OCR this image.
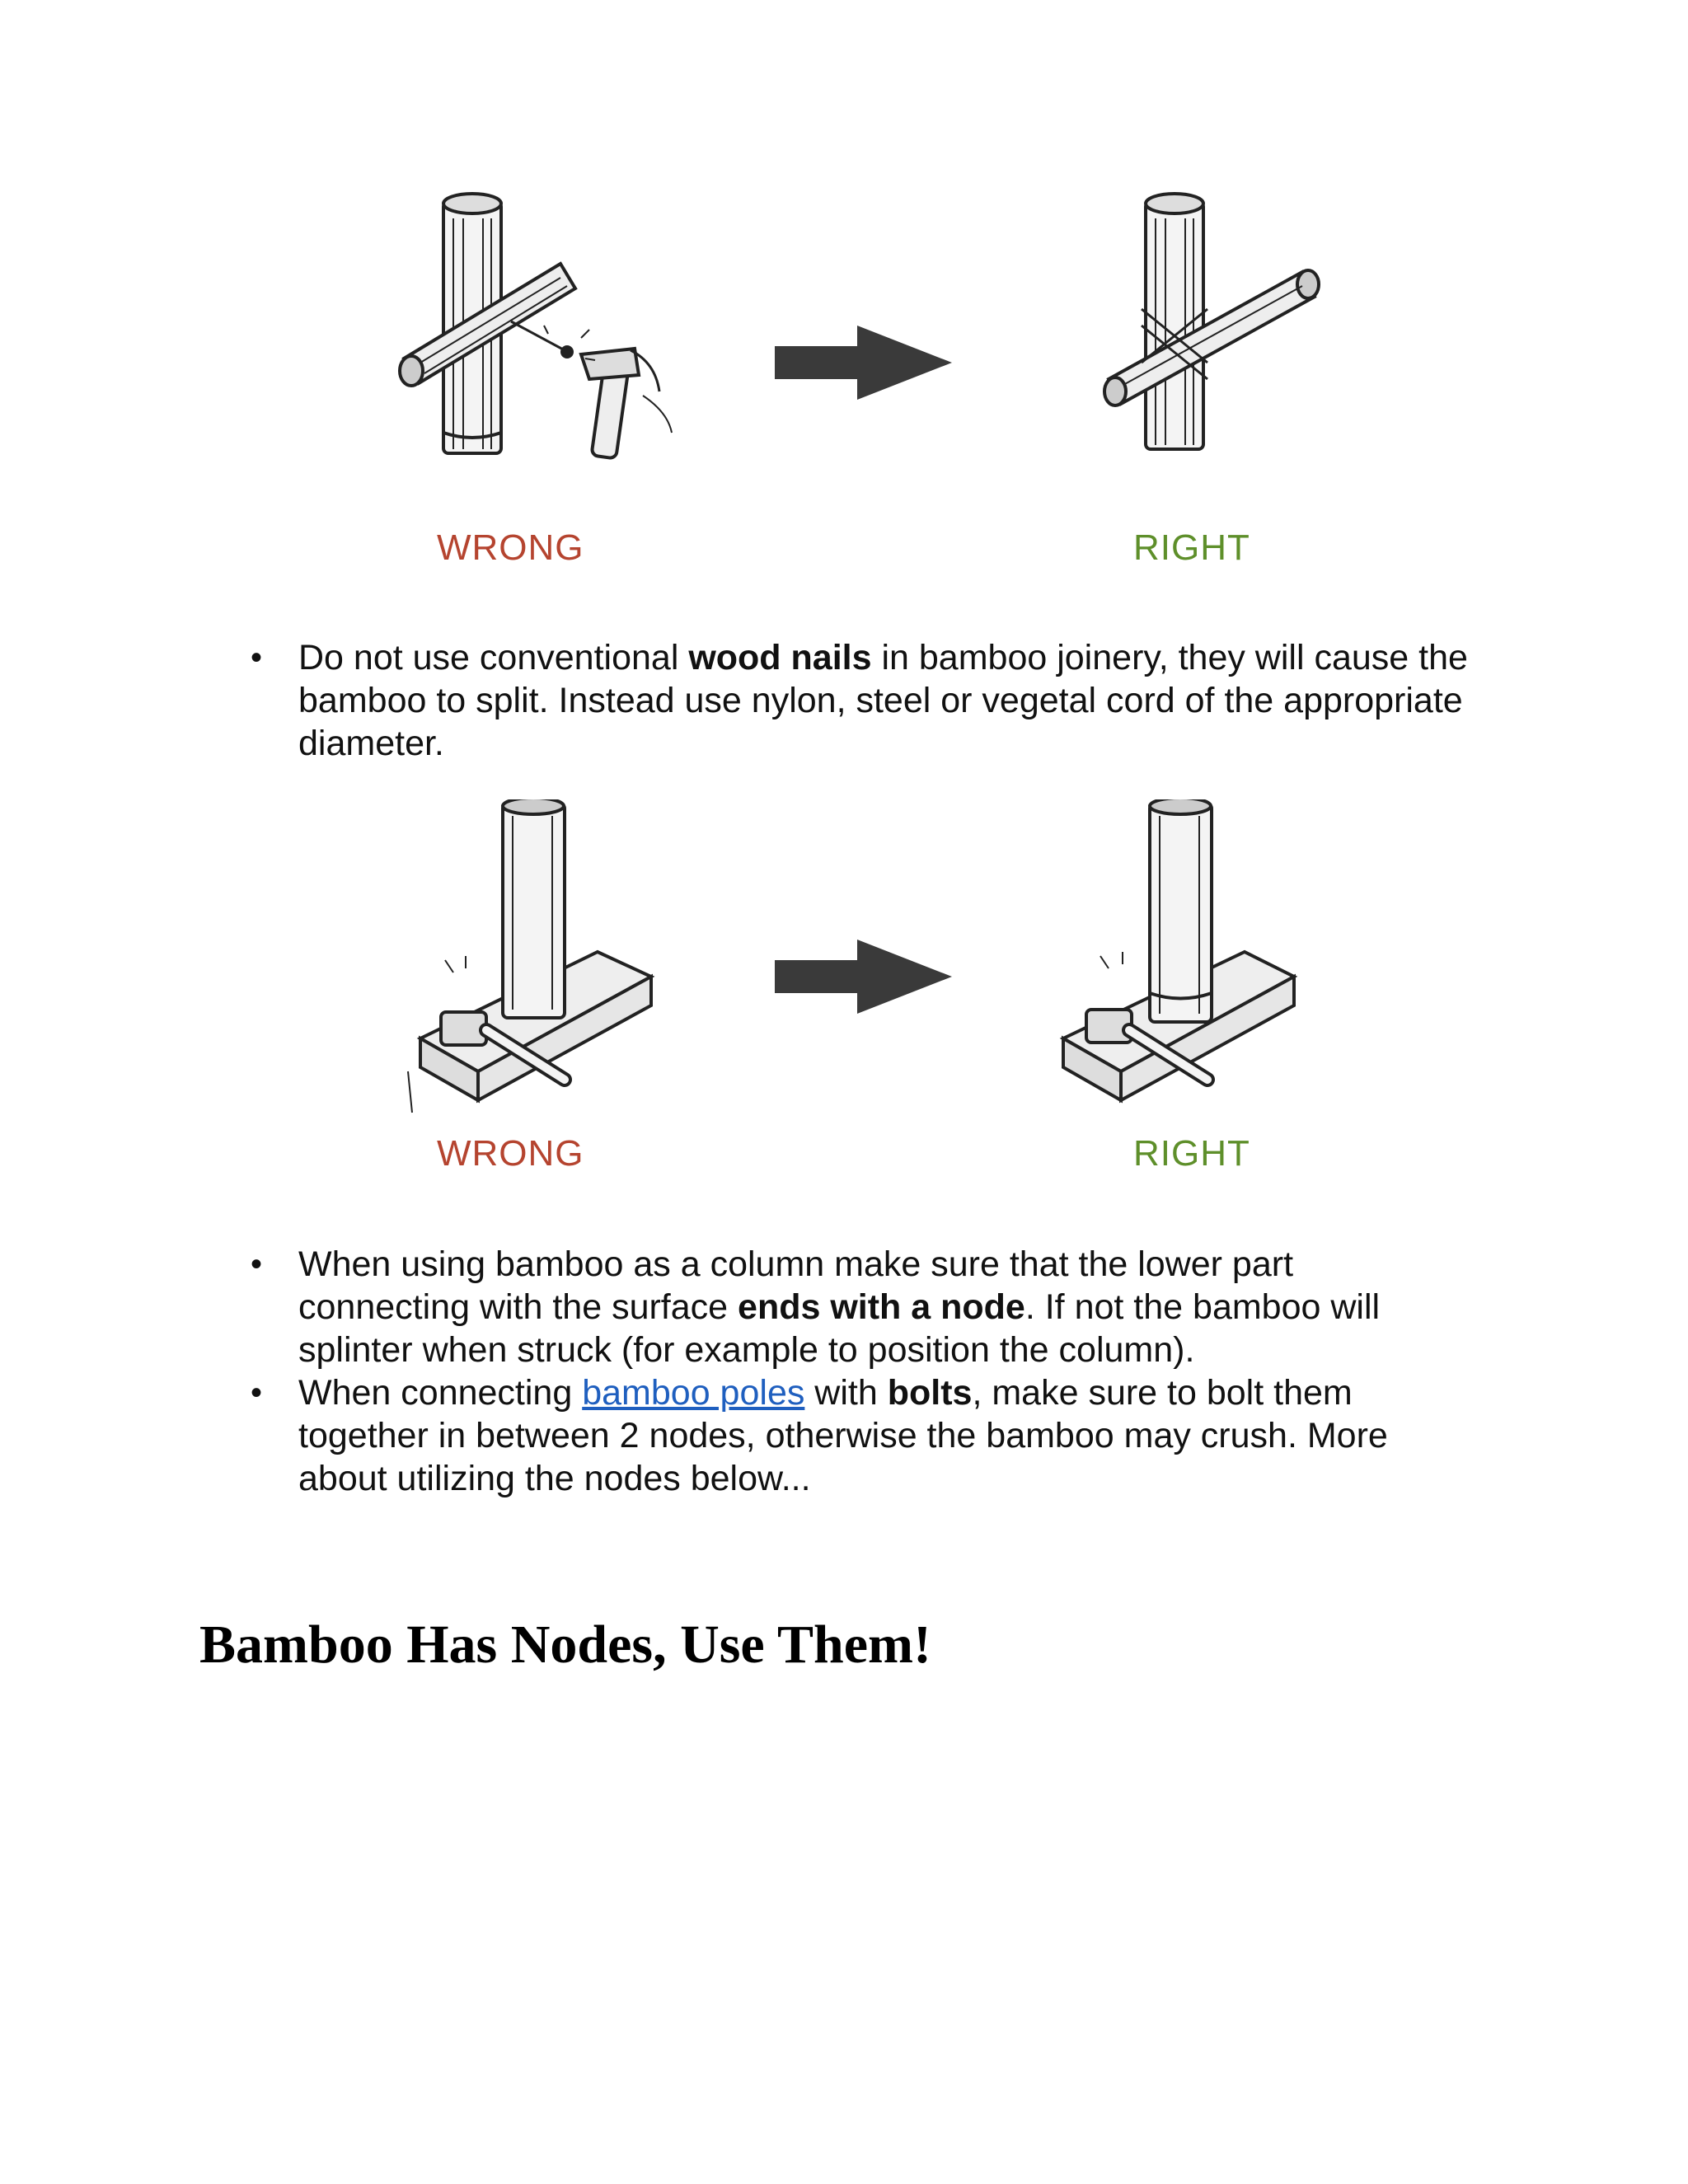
WRONG	RIGHT
• Do not use conventional wood nails in bamboo joinery, they will cause the bamboo to split. Instead use nylon, steel or vegetal cord of the appropriate diameter.
WRONG	RIGHT
• When using bamboo as a column make sure that the lower part connecting with the surface ends with a node. If not the bamboo will splinter when struck (for example to position the column).
• When connecting bamboo poles with bolts, make sure to bolt them together in between 2 nodes, otherwise the bamboo may crush. More about utilizing the nodes below...
Bamboo Has Nodes, Use Them!
